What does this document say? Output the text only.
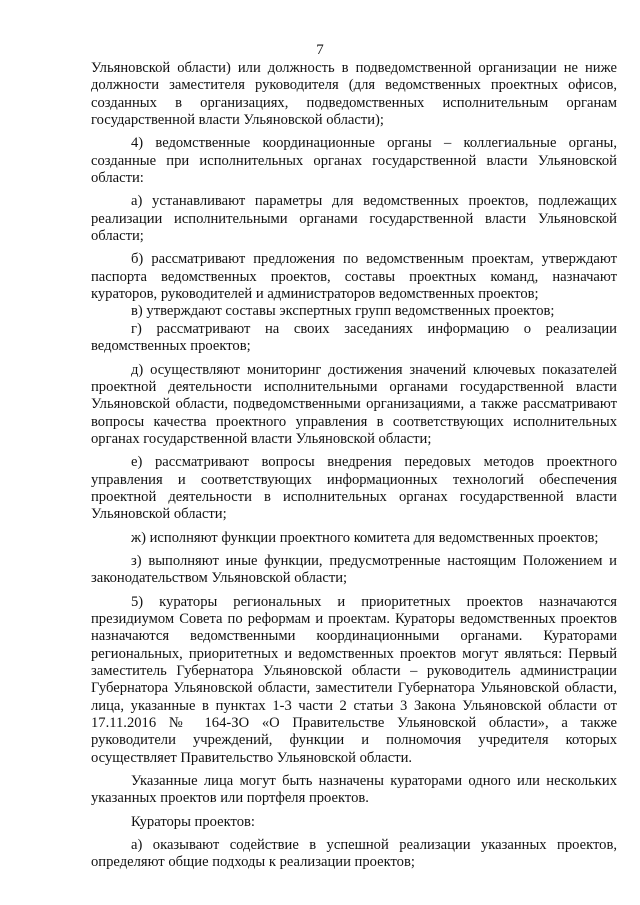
7

Ульяновской области) или должность в подведомственной организации не ниже должности заместителя руководителя (для ведомственных проектных офисов, созданных в организациях, подведомственных исполнительным органам государственной власти Ульяновской области);

4) ведомственные координационные органы – коллегиальные органы, созданные при исполнительных органах государственной власти Ульяновской области:

а) устанавливают параметры для ведомственных проектов, подлежащих реализации исполнительными органами государственной власти Ульяновской области;

б) рассматривают предложения по ведомственным проектам, утверждают паспорта ведомственных проектов, составы проектных команд, назначают кураторов, руководителей и администраторов ведомственных проектов;

в) утверждают составы экспертных групп ведомственных проектов;

г) рассматривают на своих заседаниях информацию о реализации ведомственных проектов;

д) осуществляют мониторинг достижения значений ключевых показателей проектной деятельности исполнительными органами государственной власти Ульяновской области, подведомственными организациями, а также рассматривают вопросы качества проектного управления в соответствующих исполнительных органах государственной власти Ульяновской области;

е) рассматривают вопросы внедрения передовых методов проектного управления и соответствующих информационных технологий обеспечения проектной деятельности в исполнительных органах государственной власти Ульяновской области;

ж) исполняют функции проектного комитета для ведомственных проектов;

з) выполняют иные функции, предусмотренные настоящим Положением и законодательством Ульяновской области;

5) кураторы региональных и приоритетных проектов назначаются президиумом Совета по реформам и проектам. Кураторы ведомственных проектов назначаются ведомственными координационными органами. Кураторами региональных, приоритетных и ведомственных проектов могут являться: Первый заместитель Губернатора Ульяновской области – руководитель администрации Губернатора Ульяновской области, заместители Губернатора Ульяновской области, лица, указанные в пунктах 1-3 части 2 статьи 3 Закона Ульяновской области от 17.11.2016 № 164-ЗО «О Правительстве Ульяновской области», а также руководители учреждений, функции и полномочия учредителя которых осуществляет Правительство Ульяновской области.

Указанные лица могут быть назначены кураторами одного или нескольких указанных проектов или портфеля проектов.

Кураторы проектов:

а) оказывают содействие в успешной реализации указанных проектов, определяют общие подходы к реализации проектов;
